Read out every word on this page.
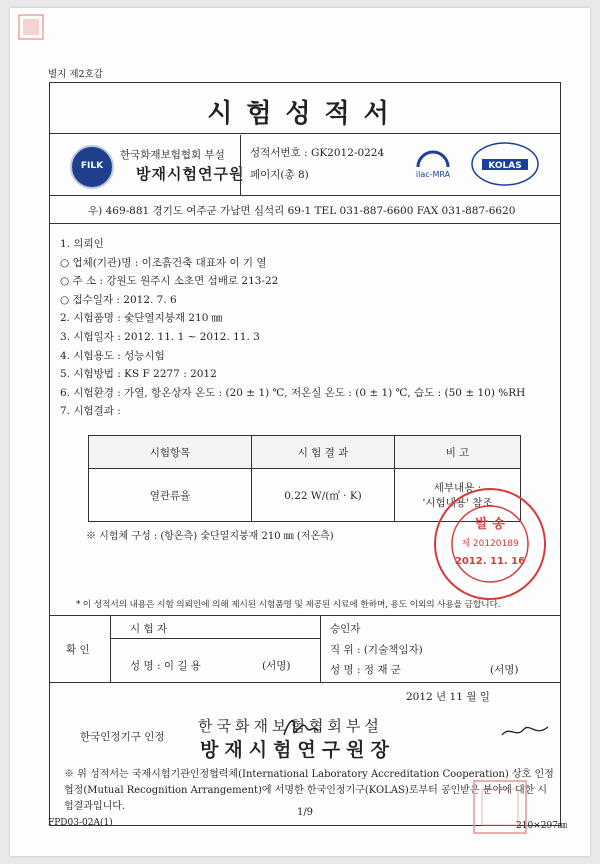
별지 제2호갑
시험성적서
FILK
한국화재보험협회 부설
방재시험연구원
성적서번호 : GK2012-0224
페이지(총 8)	ilac-MRA
KOLAS
우) 469-881 경기도 여주군 가남면 심석리 69-1 TEL 031-887-6600 FAX 031-887-6620
1. 의뢰인
○ 업체(기관)명 : 이조흙건축 대표자 이 기 열
○ 주 소 : 강원도 원주시 소초면 섬배로 213-22
○ 접수일자 : 2012. 7. 6
2. 시험품명 : 숯단열지붕재 210 ㎜
3. 시험일자 : 2012. 11. 1 ~ 2012. 11. 3
4. 시험용도 : 성능시험
5. 시험방법 : KS F 2277 : 2012
6. 시험환경 : 가열, 항온상자 온도 : (20 ± 1) ℃, 저온실 온도 : (0 ± 1) ℃, 습도 : (50 ± 10) %RH
7. 시험결과 :
시험항목	시 험 결 과	비 고
열관류율	0.22 W/(㎡ · K)	세부내용 :
'시험내용' 참조
※ 시험체 구성 : (항온측) 숯단열지붕재 210 ㎜ (저온측)
* 이 성적서의 내용은 시험 의뢰인에 의해 제시된 시험품명 및 제공된 시료에 한하며, 용도 이외의 사용을 금합니다.
확 인
시 험 자
성 명 : 이 길 용	(서명)
승인자
직 위 : (기술책임자)
성 명 : 정 재 군	(서명)
2012 년 11 월 일
한국인정기구 인정
한국화재보험협회부설
방재시험연구원장
※ 위 성적서는 국제시험기관인정협력체(International Laboratory Accreditation Cooperation) 상호 인정 협정(Mutual Recognition Arrangement)에 서명한 한국인정기구(KOLAS)로부터 공인받은 분야에 대한 시험결과입니다.
1/9
발 송
제 20120189
2012. 11. 16
FPD03-02A(1)	210×297㎜
